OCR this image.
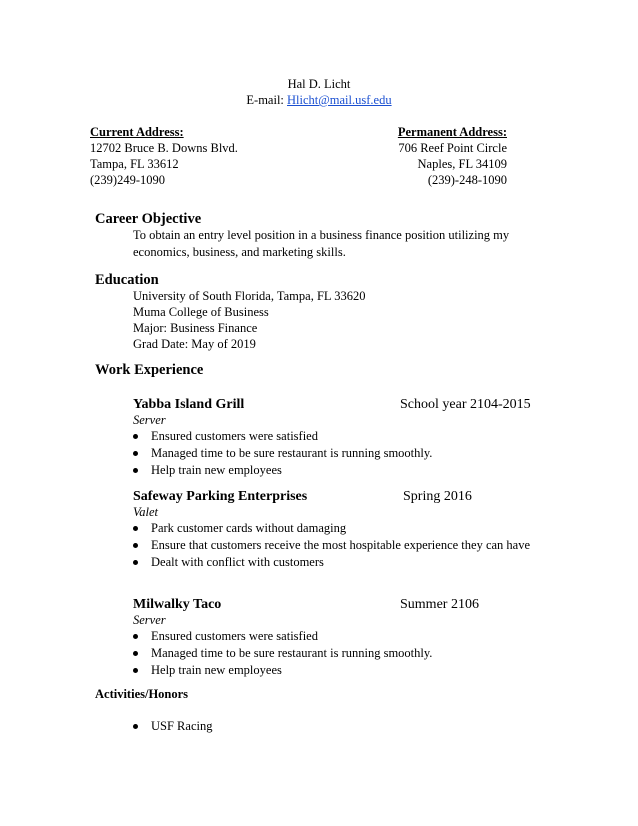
Hal D. Licht
E-mail: Hlicht@mail.usf.edu
Current Address:
12702 Bruce B. Downs Blvd.
Tampa, FL 33612
(239)249-1090
Permanent Address:
706 Reef Point Circle
Naples, FL 34109
(239)-248-1090
Career Objective
To obtain an entry level position in a business finance position utilizing my economics, business, and marketing skills.
Education
University of South Florida, Tampa, FL 33620
Muma College of Business
Major: Business Finance
Grad Date: May of 2019
Work Experience
Yabba Island Grill	School year 2104-2015
Server
Ensured customers were satisfied
Managed time to be sure restaurant is running smoothly.
Help train new employees
Safeway Parking Enterprises	Spring 2016
Valet
Park customer cards without damaging
Ensure that customers receive the most hospitable experience they can have
Dealt with conflict with customers
Milwalky Taco	Summer 2106
Server
Ensured customers were satisfied
Managed time to be sure restaurant is running smoothly.
Help train new employees
Activities/Honors
USF Racing
